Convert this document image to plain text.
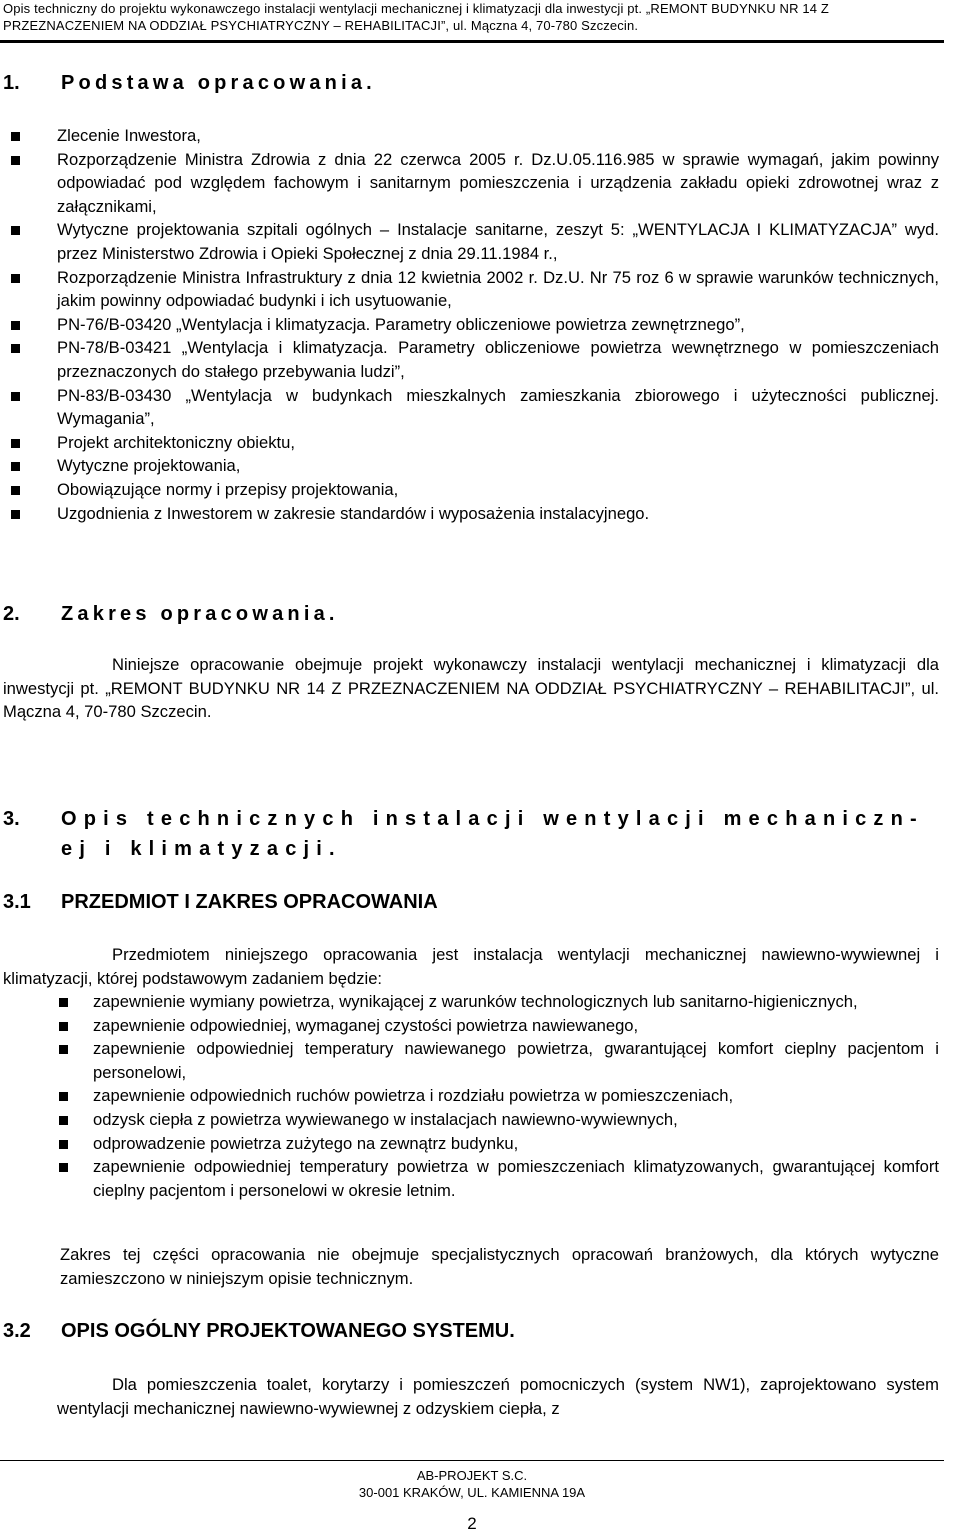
Opis techniczny do projektu wykonawczego instalacji wentylacji mechanicznej i klimatyzacji dla inwestycji pt. „REMONT BUDYNKU NR 14 Z
PRZEZNACZENIEM NA ODDZIAŁ PSYCHIATRYCZNY – REHABILITACJI”, ul. Mączna 4, 70-780 Szczecin.
1. Podstawa opracowania.
Zlecenie Inwestora,
Rozporządzenie Ministra Zdrowia z dnia 22 czerwca 2005 r. Dz.U.05.116.985 w sprawie wymagań, jakim powinny odpowiadać pod względem fachowym i sanitarnym pomieszczenia i urządzenia zakładu opieki zdrowotnej wraz z załącznikami,
Wytyczne projektowania szpitali ogólnych – Instalacje sanitarne, zeszyt 5: „WENTYLACJA I KLIMATYZACJA” wyd. przez Ministerstwo Zdrowia i Opieki Społecznej z dnia 29.11.1984 r.,
Rozporządzenie Ministra Infrastruktury z dnia 12 kwietnia 2002 r. Dz.U. Nr 75 roz 6 w sprawie warunków technicznych, jakim powinny odpowiadać budynki i ich usytuowanie,
PN-76/B-03420 „Wentylacja i klimatyzacja. Parametry obliczeniowe powietrza zewnętrznego”,
PN-78/B-03421 „Wentylacja i klimatyzacja. Parametry obliczeniowe powietrza wewnętrznego w pomieszczeniach przeznaczonych do stałego przebywania ludzi”,
PN-83/B-03430 „Wentylacja w budynkach mieszkalnych zamieszkania zbiorowego i użyteczności publicznej. Wymagania”,
Projekt architektoniczny obiektu,
Wytyczne projektowania,
Obowiązujące normy i przepisy projektowania,
Uzgodnienia z Inwestorem w zakresie standardów i wyposażenia instalacyjnego.
2. Zakres opracowania.
Niniejsze opracowanie obejmuje projekt wykonawczy instalacji wentylacji mechanicznej i klimatyzacji dla inwestycji pt. „REMONT BUDYNKU NR 14 Z PRZEZNACZENIEM NA ODDZIAŁ PSYCHIATRYCZNY – REHABILITACJI”, ul. Mączna 4, 70-780 Szczecin.
3. Opis technicznych instalacji wentylacji mechaniczn-
ej i klimatyzacji.
3.1 PRZEDMIOT I ZAKRES OPRACOWANIA
Przedmiotem niniejszego opracowania jest instalacja wentylacji mechanicznej nawiewno-wywiewnej i klimatyzacji, której podstawowym zadaniem będzie:
zapewnienie wymiany powietrza, wynikającej z warunków technologicznych lub sanitarno-higienicznych,
zapewnienie odpowiedniej, wymaganej czystości powietrza nawiewanego,
zapewnienie odpowiedniej temperatury nawiewanego powietrza, gwarantującej komfort cieplny pacjentom i personelowi,
zapewnienie odpowiednich ruchów powietrza i rozdziału powietrza w pomieszczeniach,
odzysk ciepła z powietrza wywiewanego w instalacjach nawiewno-wywiewnych,
odprowadzenie powietrza zużytego na zewnątrz budynku,
zapewnienie odpowiedniej temperatury powietrza w pomieszczeniach klimatyzowanych, gwarantującej komfort cieplny pacjentom i personelowi w okresie letnim.
Zakres tej części opracowania nie obejmuje specjalistycznych opracowań branżowych, dla których wytyczne zamieszczono w niniejszym opisie technicznym.
3.2 OPIS OGÓLNY PROJEKTOWANEGO SYSTEMU.
Dla pomieszczenia toalet, korytarzy i pomieszczeń pomocniczych (system NW1), zaprojektowano system wentylacji mechanicznej nawiewno-wywiewnej z odzyskiem ciepła, z
AB-PROJEKT S.C.
30-001 KRAKÓW, UL. KAMIENNA 19A
2
